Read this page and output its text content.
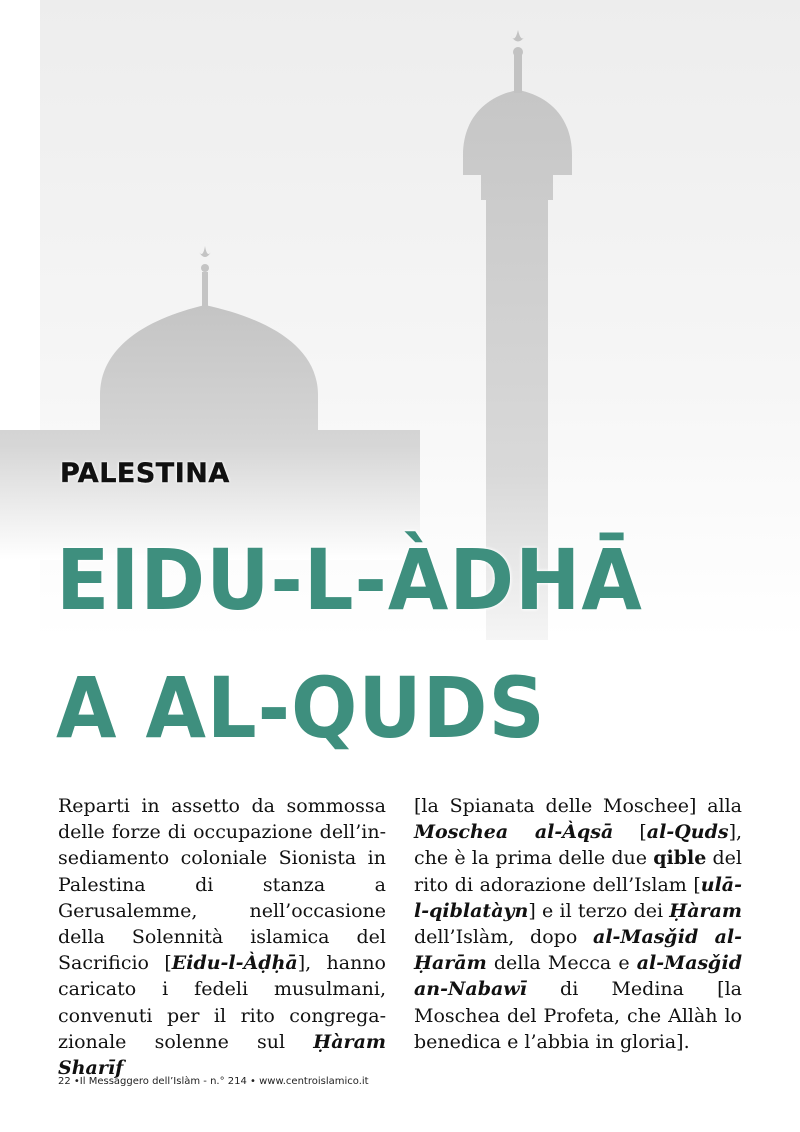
PALESTINA
EIDU-L-ÀDHĀ
A AL-QUDS
Reparti in assetto da sommossa delle forze di occupazione dell’insediamento coloniale Sionista in Palestina di stanza a Gerusalemme, nell’occasione della Solennità islamica del Sacrificio [Eidu-l-Àḍḥā], hanno caricato i fedeli musulmani, convenuti per il rito congregazionale solenne sul Ḥàram Sharīf
[la Spianata delle Moschee] alla Moschea al-Àqsā [al-Quds], che è la prima delle due qible del rito di adorazione dell’Islam [ulā-l-qiblatàyn] e il terzo dei Ḥàram dell’Islàm, dopo al-Masǧid al-Ḥarām della Mecca e al-Masǧid an-Nabawī di Medina [la Moschea del Profeta, che Allàh lo benedica e l’abbia in gloria].
22 •Il Messaggero dell’Islàm - n.° 214 • www.centroislamico.it
